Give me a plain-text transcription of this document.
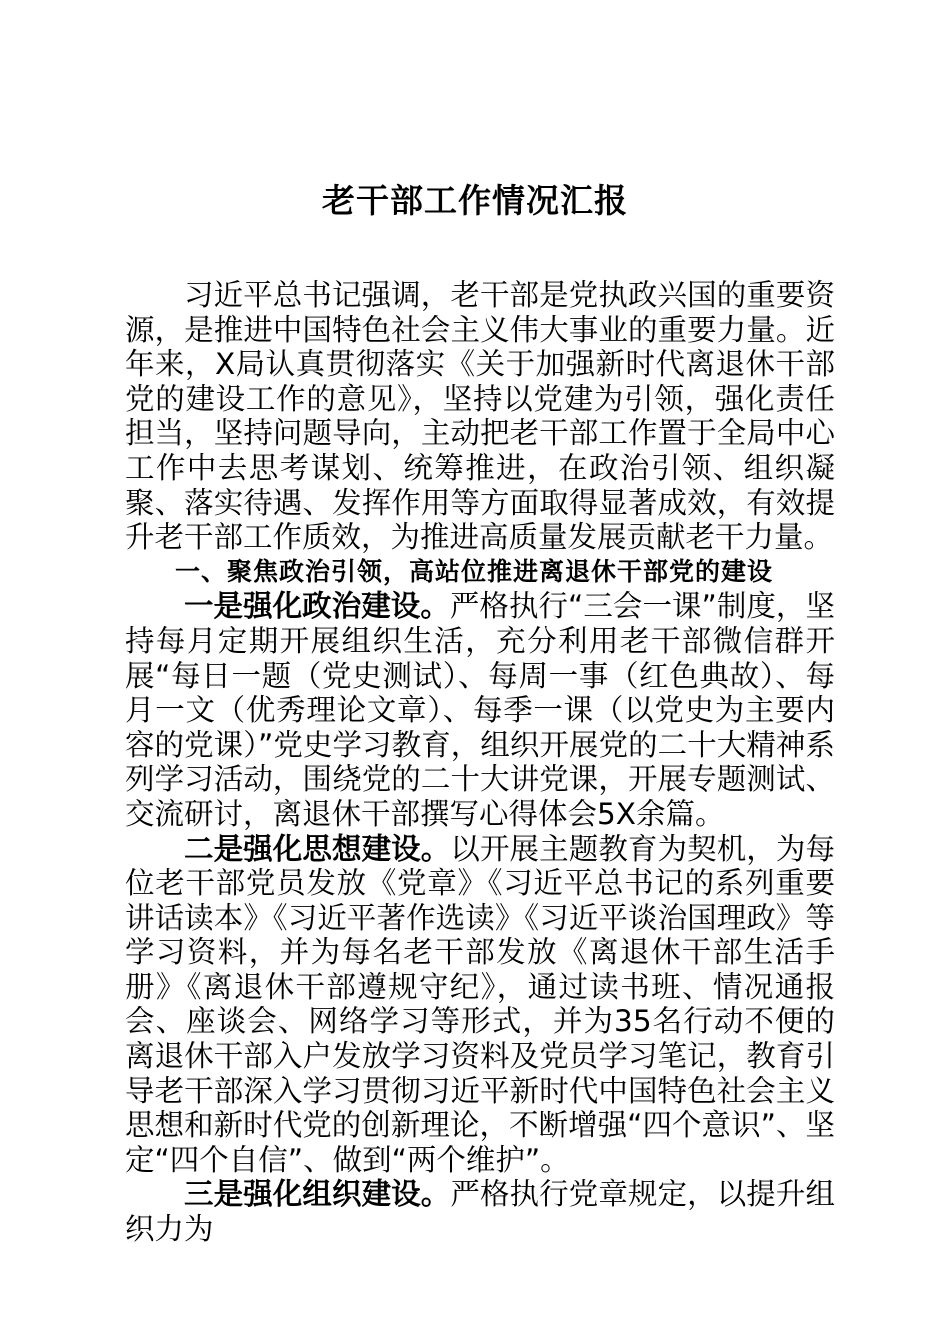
老干部工作情况汇报

习近平总书记强调，老干部是党执政兴国的重要资源，是推进中国特色社会主义伟大事业的重要力量。近年来，X局认真贯彻落实《关于加强新时代离退休干部党的建设工作的意见》，坚持以党建为引领，强化责任担当，坚持问题导向，主动把老干部工作置于全局中心工作中去思考谋划、统筹推进，在政治引领、组织凝聚、落实待遇、发挥作用等方面取得显著成效，有效提升老干部工作质效，为推进高质量发展贡献老干力量。

一、聚焦政治引领，高站位推进离退休干部党的建设

一是强化政治建设。严格执行“三会一课”制度，坚持每月定期开展组织生活，充分利用老干部微信群开展“每日一题（党史测试）、每周一事（红色典故）、每月一文（优秀理论文章）、每季一课（以党史为主要内容的党课）”党史学习教育，组织开展党的二十大精神系列学习活动，围绕党的二十大讲党课，开展专题测试、交流研讨，离退休干部撰写心得体会5X余篇。

二是强化思想建设。以开展主题教育为契机，为每位老干部党员发放《党章》《习近平总书记的系列重要讲话读本》《习近平著作选读》《习近平谈治国理政》等学习资料，并为每名老干部发放《离退休干部生活手册》《离退休干部遵规守纪》，通过读书班、情况通报会、座谈会、网络学习等形式，并为35名行动不便的离退休干部入户发放学习资料及党员学习笔记，教育引导老干部深入学习贯彻习近平新时代中国特色社会主义思想和新时代党的创新理论，不断增强“四个意识”、坚定“四个自信”、做到“两个维护”。

三是强化组织建设。严格执行党章规定，以提升组织力为
